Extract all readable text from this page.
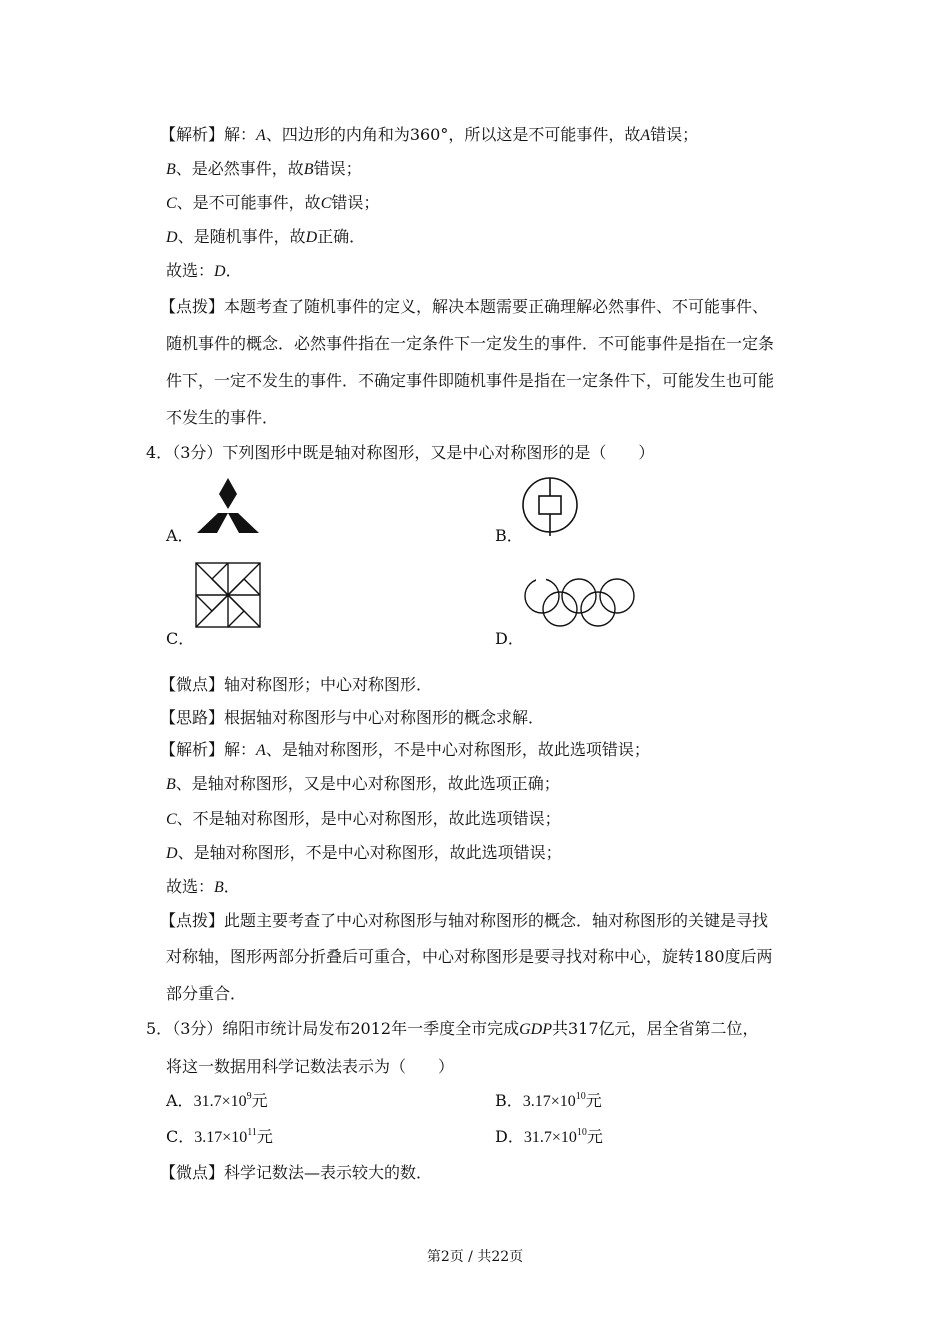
【解析】解：A、四边形的内角和为360°，所以这是不可能事件，故A错误；
B、是必然事件，故B错误；
C、是不可能事件，故C错误；
D、是随机事件，故D正确．
故选：D．
【点拨】本题考查了随机事件的定义，解决本题需要正确理解必然事件、不可能事件、
随机事件的概念．必然事件指在一定条件下一定发生的事件．不可能事件是指在一定条
件下，一定不发生的事件．不确定事件即随机事件是指在一定条件下，可能发生也可能
不发生的事件．
4．（3分）下列图形中既是轴对称图形，又是中心对称图形的是（　　）
A．	B．
C．	D．
【微点】轴对称图形；中心对称图形．
【思路】根据轴对称图形与中心对称图形的概念求解．
【解析】解：A、是轴对称图形，不是中心对称图形，故此选项错误；
B、是轴对称图形，又是中心对称图形，故此选项正确；
C、不是轴对称图形，是中心对称图形，故此选项错误；
D、是轴对称图形，不是中心对称图形，故此选项错误；
故选：B．
【点拨】此题主要考查了中心对称图形与轴对称图形的概念．轴对称图形的关键是寻找
对称轴，图形两部分折叠后可重合，中心对称图形是要寻找对称中心，旋转180度后两
部分重合．
5．（3分）绵阳市统计局发布2012年一季度全市完成GDP共317亿元，居全省第二位，
将这一数据用科学记数法表示为（　　）
A．$31.7\times 10^9$元	B．$3.17\times 10^{10}$元
C．$3.17\times 10^{11}$元	D．$31.7\times 10^{10}$元
【微点】科学记数法—表示较大的数．
第2页 / 共22页
